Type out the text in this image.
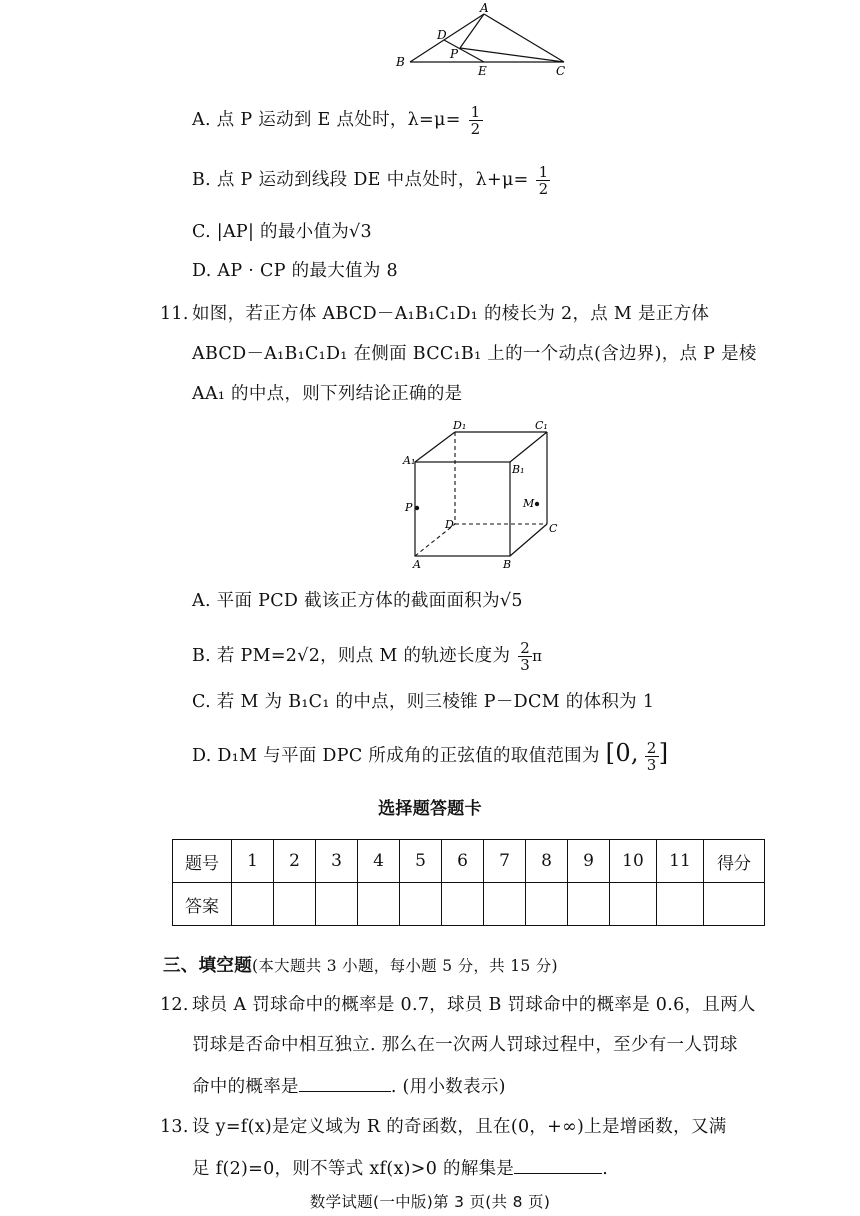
A
B
C
D
E
P
A. 点 P 运动到 E 点处时，$\lambda=\mu= \frac{1}{2}$
B. 点 P 运动到线段 DE 中点处时，$\lambda+\mu= \frac{1}{2}$
C. |AP| 的最小值为√3
D. AP · CP 的最大值为 8
11. 如图，若正方体 ABCD－A₁B₁C₁D₁ 的棱长为 2，点 M 是正方体
ABCD－A₁B₁C₁D₁ 在侧面 BCC₁B₁ 上的一个动点(含边界)，点 P 是棱
AA₁ 的中点，则下列结论正确的是
D₁	C₁
A₁
B₁
P	M
D	C
A	B
A. 平面 PCD 截该正方体的截面面积为√5
B. 若 PM=2√2，则点 M 的轨迹长度为 $\frac{2}{3}$ π
C. 若 M 为 B₁C₁ 的中点，则三棱锥 P－DCM 的体积为 1
D. D₁M 与平面 DPC 所成角的正弦值的取值范围为 [0, $\frac{2}{3}$ ]
选择题答题卡
题号	1	2	3	4	5	6	7	8	9	10	11	得分
答案												
三、填空题(本大题共 3 小题，每小题 5 分，共 15 分)
12. 球员 A 罚球命中的概率是 0.7，球员 B 罚球命中的概率是 0.6，且两人
罚球是否命中相互独立. 那么在一次两人罚球过程中，至少有一人罚球
命中的概率是	. (用小数表示)
13. 设 y=f(x)是定义域为 R 的奇函数，且在(0，+∞)上是增函数，又满
足 f(2)=0，则不等式 xf(x)>0 的解集是	.
数学试题(一中版)第 3 页(共 8 页)
